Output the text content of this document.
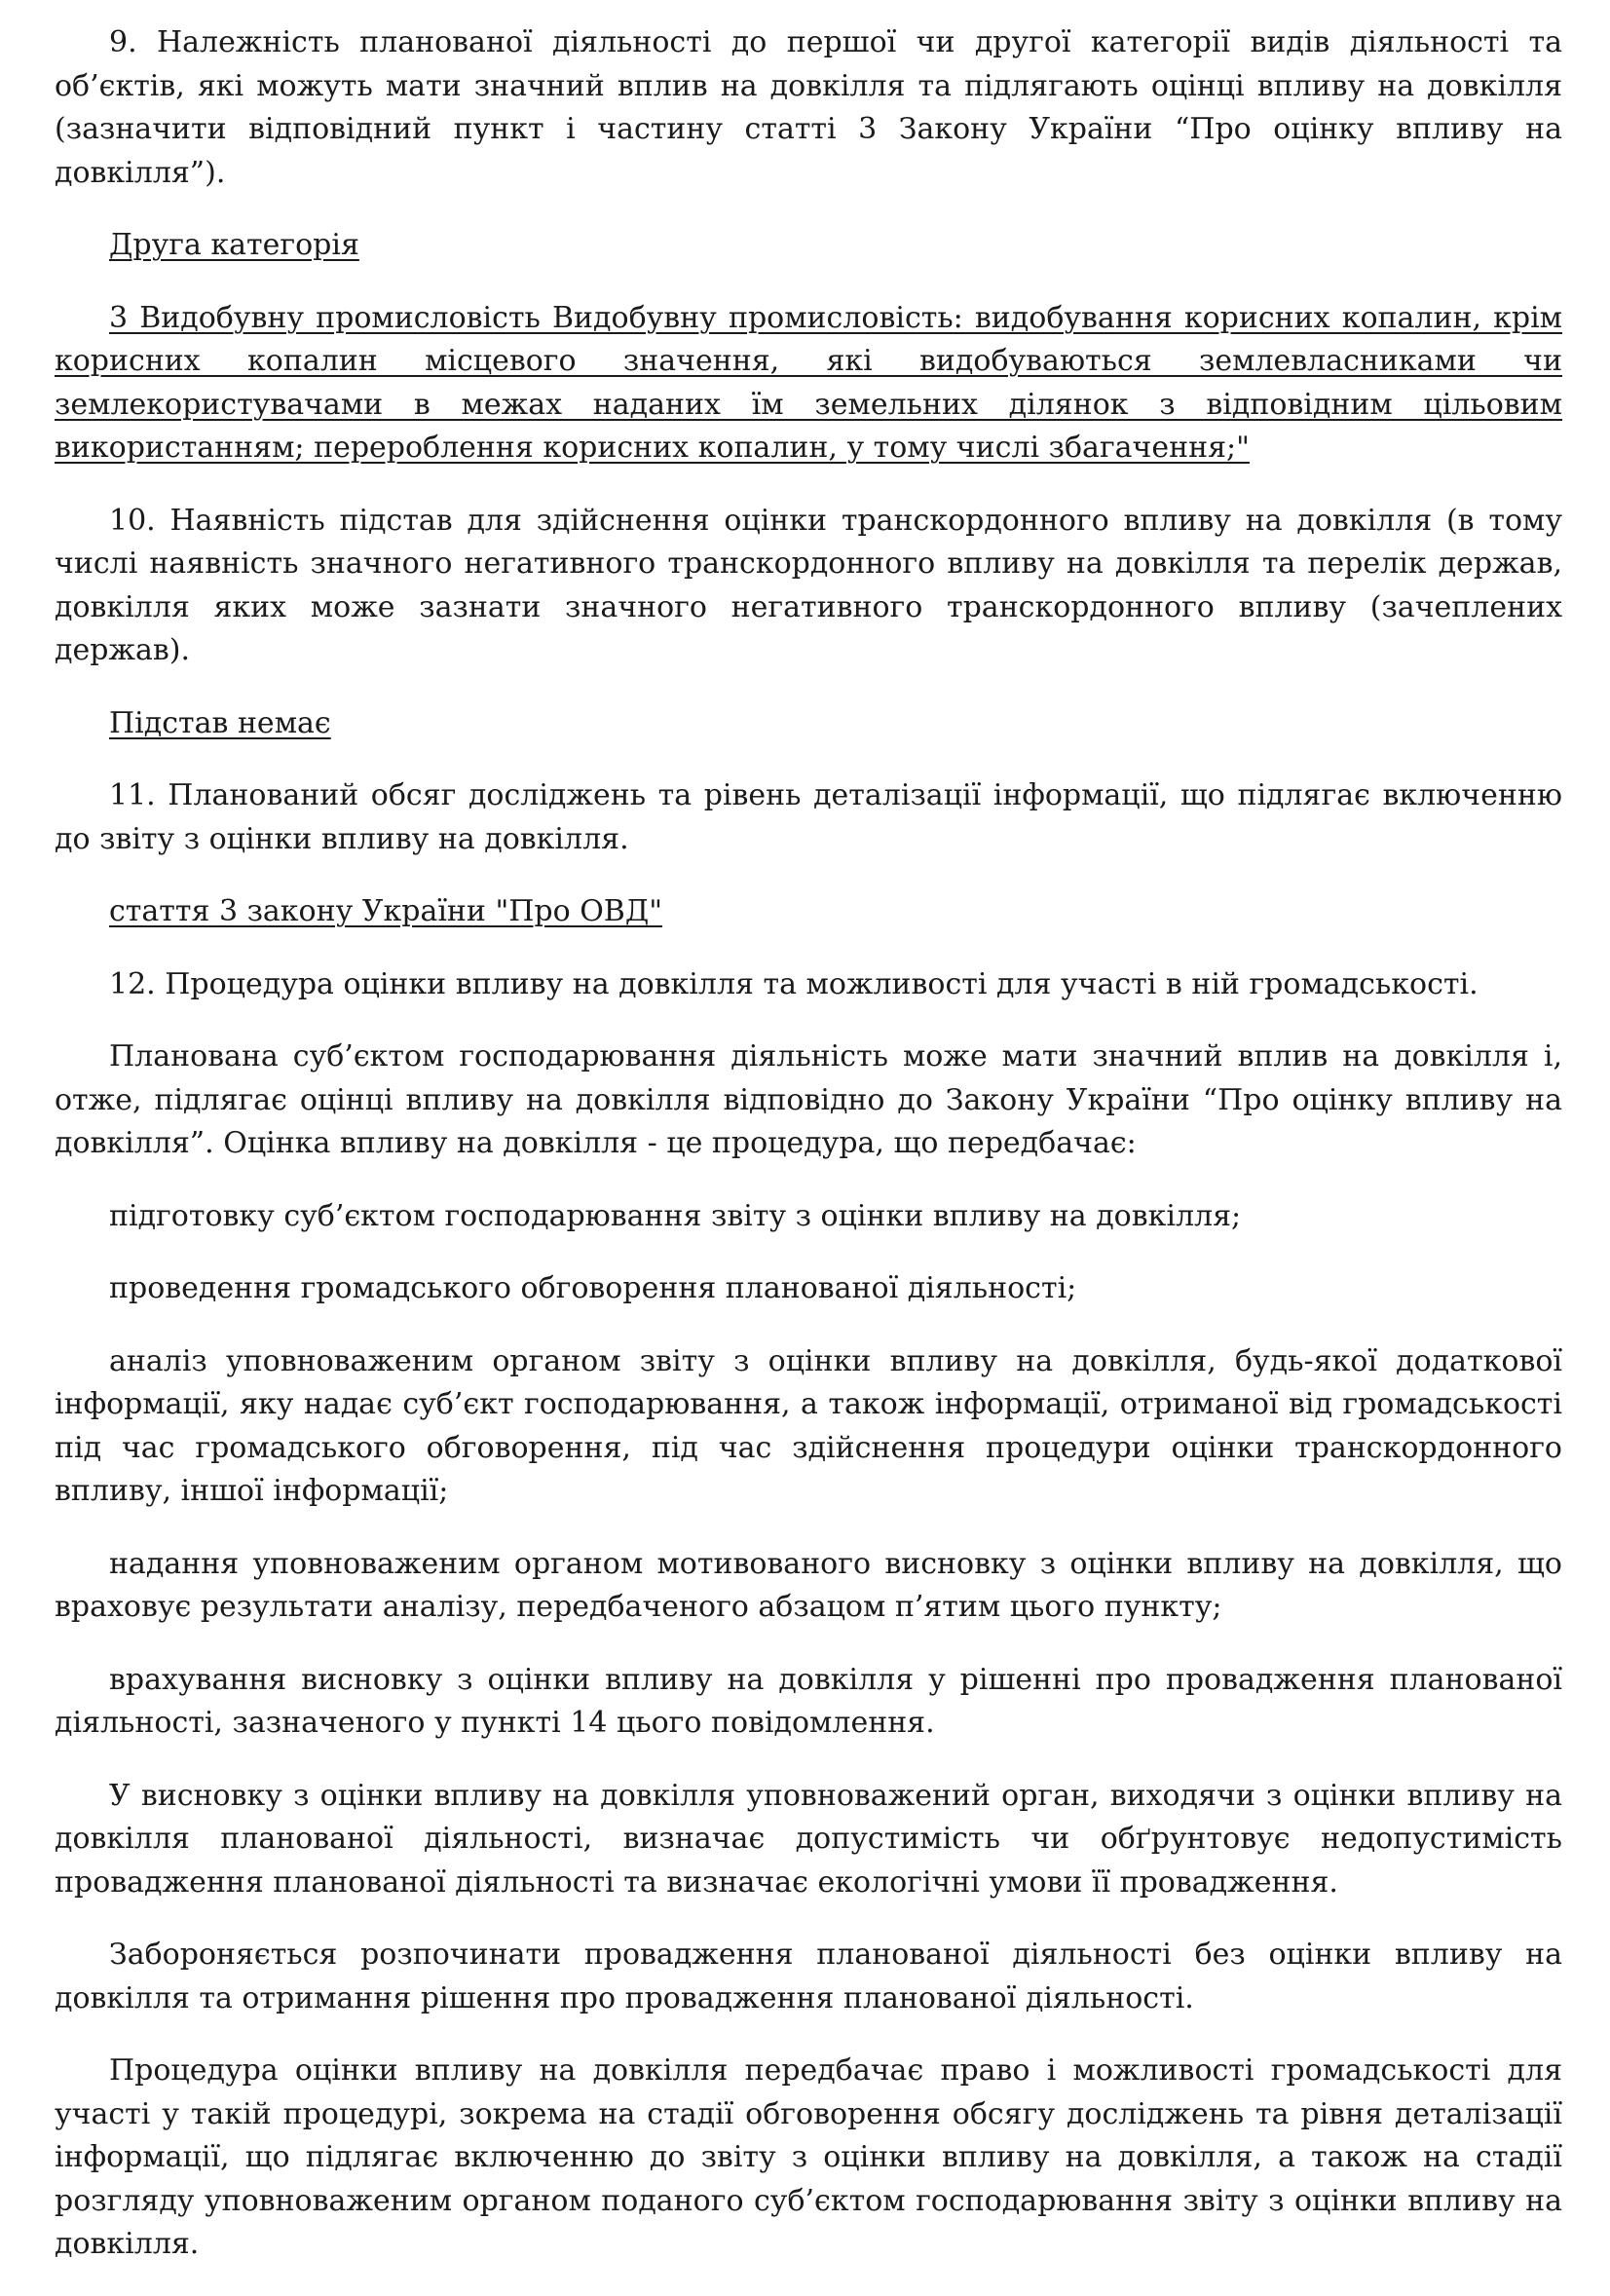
9. Належність планованої діяльності до першої чи другої категорії видів діяльності та об’єктів, які можуть мати значний вплив на довкілля та підлягають оцінці впливу на довкілля (зазначити відповідний пункт і частину статті 3 Закону України “Про оцінку впливу на довкілля”).

Друга категорія

3 Видобувну промисловість Видобувну промисловість: видобування корисних копалин, крім корисних копалин місцевого значення, які видобуваються землевласниками чи землекористувачами в межах наданих їм земельних ділянок з відповідним цільовим використанням; перероблення корисних копалин, у тому числі збагачення;"

10. Наявність підстав для здійснення оцінки транскордонного впливу на довкілля (в тому числі наявність значного негативного транскордонного впливу на довкілля та перелік держав, довкілля яких може зазнати значного негативного транскордонного впливу (зачеплених держав).

Підстав немає

11. Планований обсяг досліджень та рівень деталізації інформації, що підлягає включенню до звіту з оцінки впливу на довкілля.

стаття 3 закону України "Про ОВД"

12. Процедура оцінки впливу на довкілля та можливості для участі в ній громадськості.

Планована суб’єктом господарювання діяльність може мати значний вплив на довкілля і, отже, підлягає оцінці впливу на довкілля відповідно до Закону України “Про оцінку впливу на довкілля”. Оцінка впливу на довкілля - це процедура, що передбачає:

підготовку суб’єктом господарювання звіту з оцінки впливу на довкілля;

проведення громадського обговорення планованої діяльності;

аналіз уповноваженим органом звіту з оцінки впливу на довкілля, будь-якої додаткової інформації, яку надає суб’єкт господарювання, а також інформації, отриманої від громадськості під час громадського обговорення, під час здійснення процедури оцінки транскордонного впливу, іншої інформації;

надання уповноваженим органом мотивованого висновку з оцінки впливу на довкілля, що враховує результати аналізу, передбаченого абзацом п’ятим цього пункту;

врахування висновку з оцінки впливу на довкілля у рішенні про провадження планованої діяльності, зазначеного у пункті 14 цього повідомлення.

У висновку з оцінки впливу на довкілля уповноважений орган, виходячи з оцінки впливу на довкілля планованої діяльності, визначає допустимість чи обґрунтовує недопустимість провадження планованої діяльності та визначає екологічні умови її провадження.

Забороняється розпочинати провадження планованої діяльності без оцінки впливу на довкілля та отримання рішення про провадження планованої діяльності.

Процедура оцінки впливу на довкілля передбачає право і можливості громадськості для участі у такій процедурі, зокрема на стадії обговорення обсягу досліджень та рівня деталізації інформації, що підлягає включенню до звіту з оцінки впливу на довкілля, а також на стадії розгляду уповноваженим органом поданого суб’єктом господарювання звіту з оцінки впливу на довкілля.
